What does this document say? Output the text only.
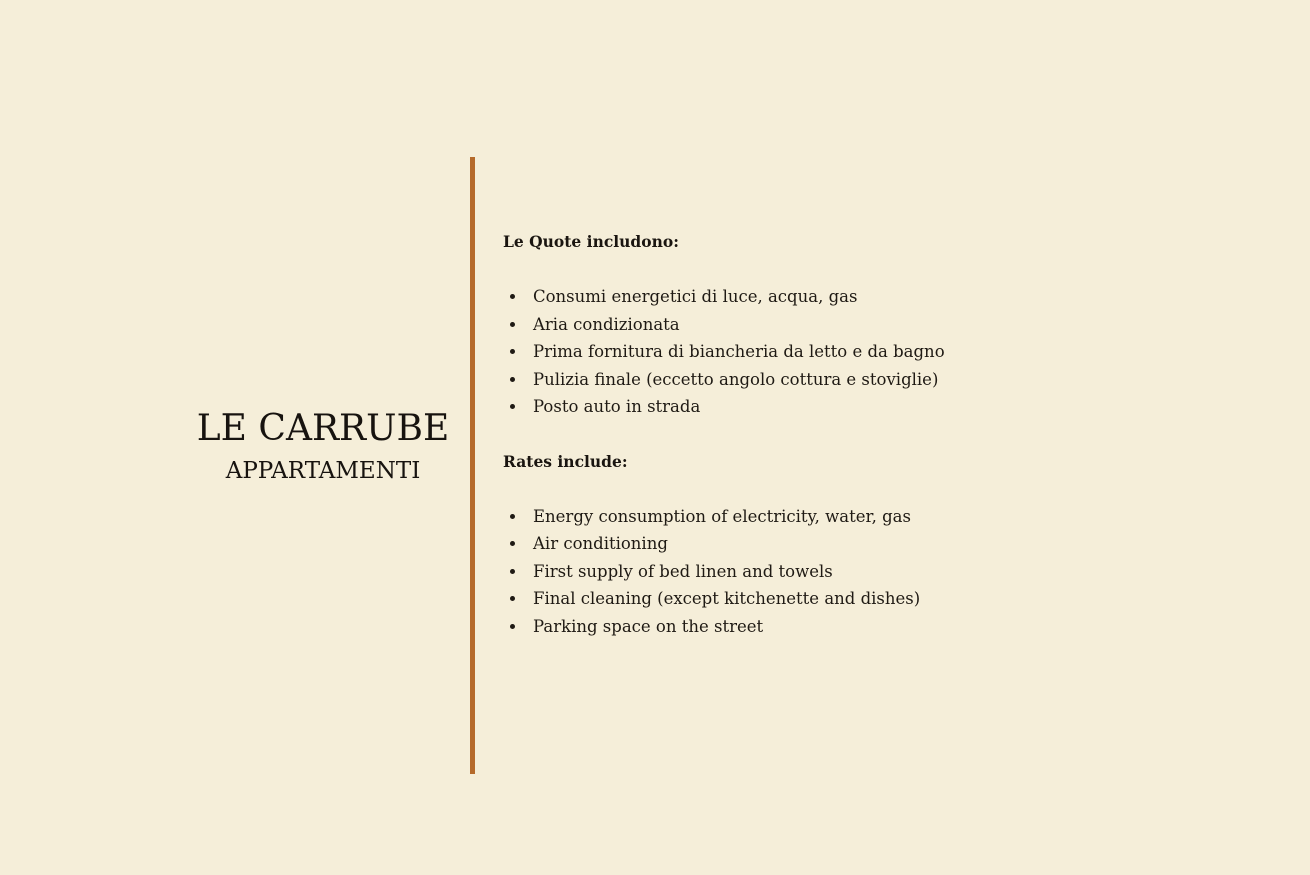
LE CARRUBE
APPARTAMENTI
Le Quote includono:
Consumi energetici di luce, acqua, gas
Aria condizionata
Prima fornitura di biancheria da letto e da bagno
Pulizia finale (eccetto angolo cottura e stoviglie)
Posto auto in strada
Rates include:
Energy consumption of electricity, water, gas
Air conditioning
First supply of bed linen and towels
Final cleaning (except kitchenette and dishes)
Parking space on the street
